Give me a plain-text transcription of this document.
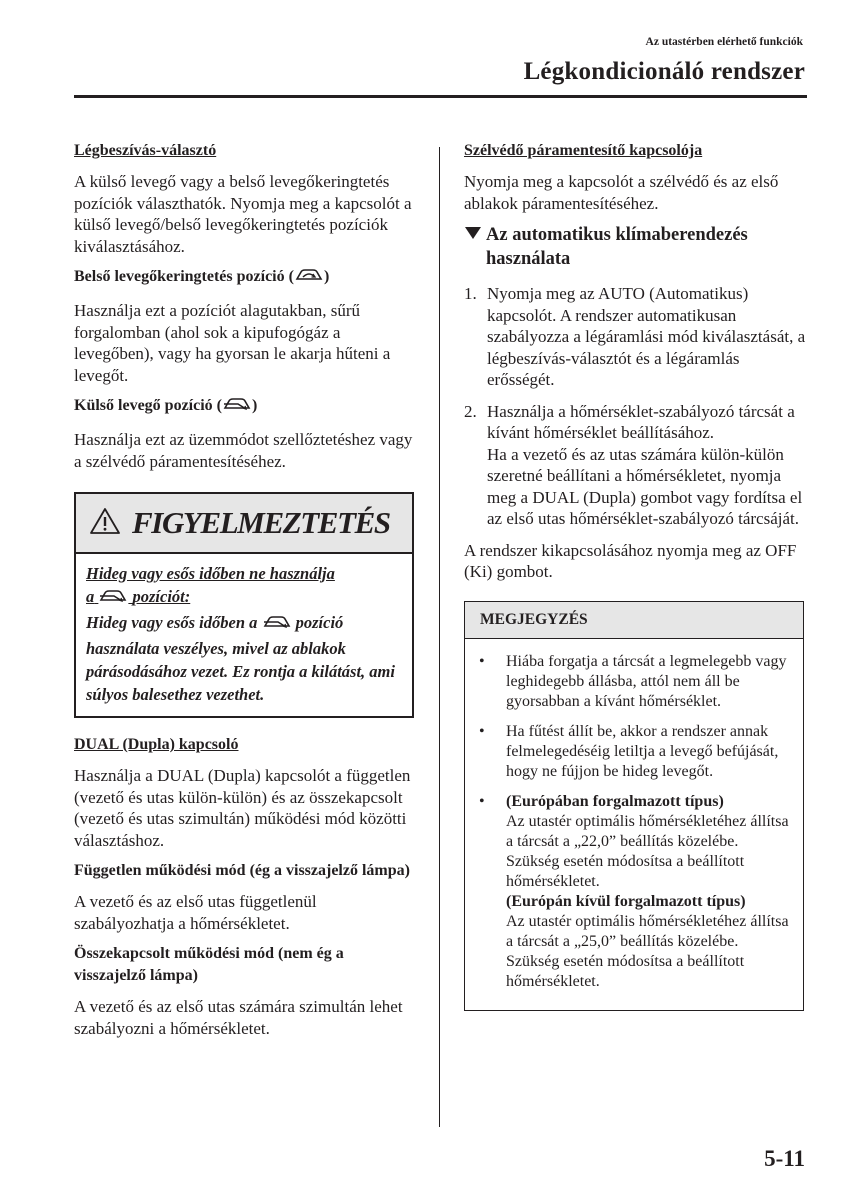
Az utastérben elérhető funkciók
Légkondicionáló rendszer

Légbeszívás-választó

A külső levegő vagy a belső levegőkeringtetés pozíciók választhatók. Nyomja meg a kapcsolót a külső levegő/belső levegőkeringtetés pozíciók kiválasztásához.

Belső levegőkeringtetés pozíció ( )

Használja ezt a pozíciót alagutakban, sűrű forgalomban (ahol sok a kipufogógáz a levegőben), vagy ha gyorsan le akarja hűteni a levegőt.

Külső levegő pozíció ( )

Használja ezt az üzemmódot szellőztetéshez vagy a szélvédő páramentesítéséhez.

FIGYELMEZTETÉS
Hideg vagy esős időben ne használja
a pozíciót:
Hideg vagy esős időben a pozíció
használata veszélyes, mivel az ablakok párásodásához vezet. Ez rontja a kilátást, ami súlyos balesethez vezethet.

DUAL (Dupla) kapcsoló

Használja a DUAL (Dupla) kapcsolót a független (vezető és utas külön-külön) és az összekapcsolt (vezető és utas szimultán) működési mód közötti választáshoz.

Független működési mód (ég a visszajelző lámpa)

A vezető és az első utas függetlenül szabályozhatja a hőmérsékletet.

Összekapcsolt működési mód (nem ég a visszajelző lámpa)

A vezető és az első utas számára szimultán lehet szabályozni a hőmérsékletet.

Szélvédő páramentesítő kapcsolója

Nyomja meg a kapcsolót a szélvédő és az első ablakok páramentesítéséhez.

Az automatikus klímaberendezés használata
1. Nyomja meg az AUTO (Automatikus) kapcsolót. A rendszer automatikusan szabályozza a légáramlási mód kiválasztását, a légbeszívás-választót és a légáramlás erősségét.
2. Használja a hőmérséklet-szabályozó tárcsát a kívánt hőmérséklet beállításához.
Ha a vezető és az utas számára külön-külön szeretné beállítani a hőmérsékletet, nyomja meg a DUAL (Dupla) gombot vagy fordítsa el az első utas hőmérséklet-szabályozó tárcsáját.

A rendszer kikapcsolásához nyomja meg az OFF (Ki) gombot.

MEGJEGYZÉS
•	Hiába forgatja a tárcsát a legmelegebb vagy leghidegebb állásba, attól nem áll be gyorsabban a kívánt hőmérséklet.
•	Ha fűtést állít be, akkor a rendszer annak felmelegedéséig letiltja a levegő befújását, hogy ne fújjon be hideg levegőt.
•	(Európában forgalmazott típus)
Az utastér optimális hőmérsékletéhez állítsa a tárcsát a „22,0” beállítás közelébe. Szükség esetén módosítsa a beállított hőmérsékletet.
(Európán kívül forgalmazott típus)
Az utastér optimális hőmérsékletéhez állítsa a tárcsát a „25,0” beállítás közelébe. Szükség esetén módosítsa a beállított hőmérsékletet.
5-11
